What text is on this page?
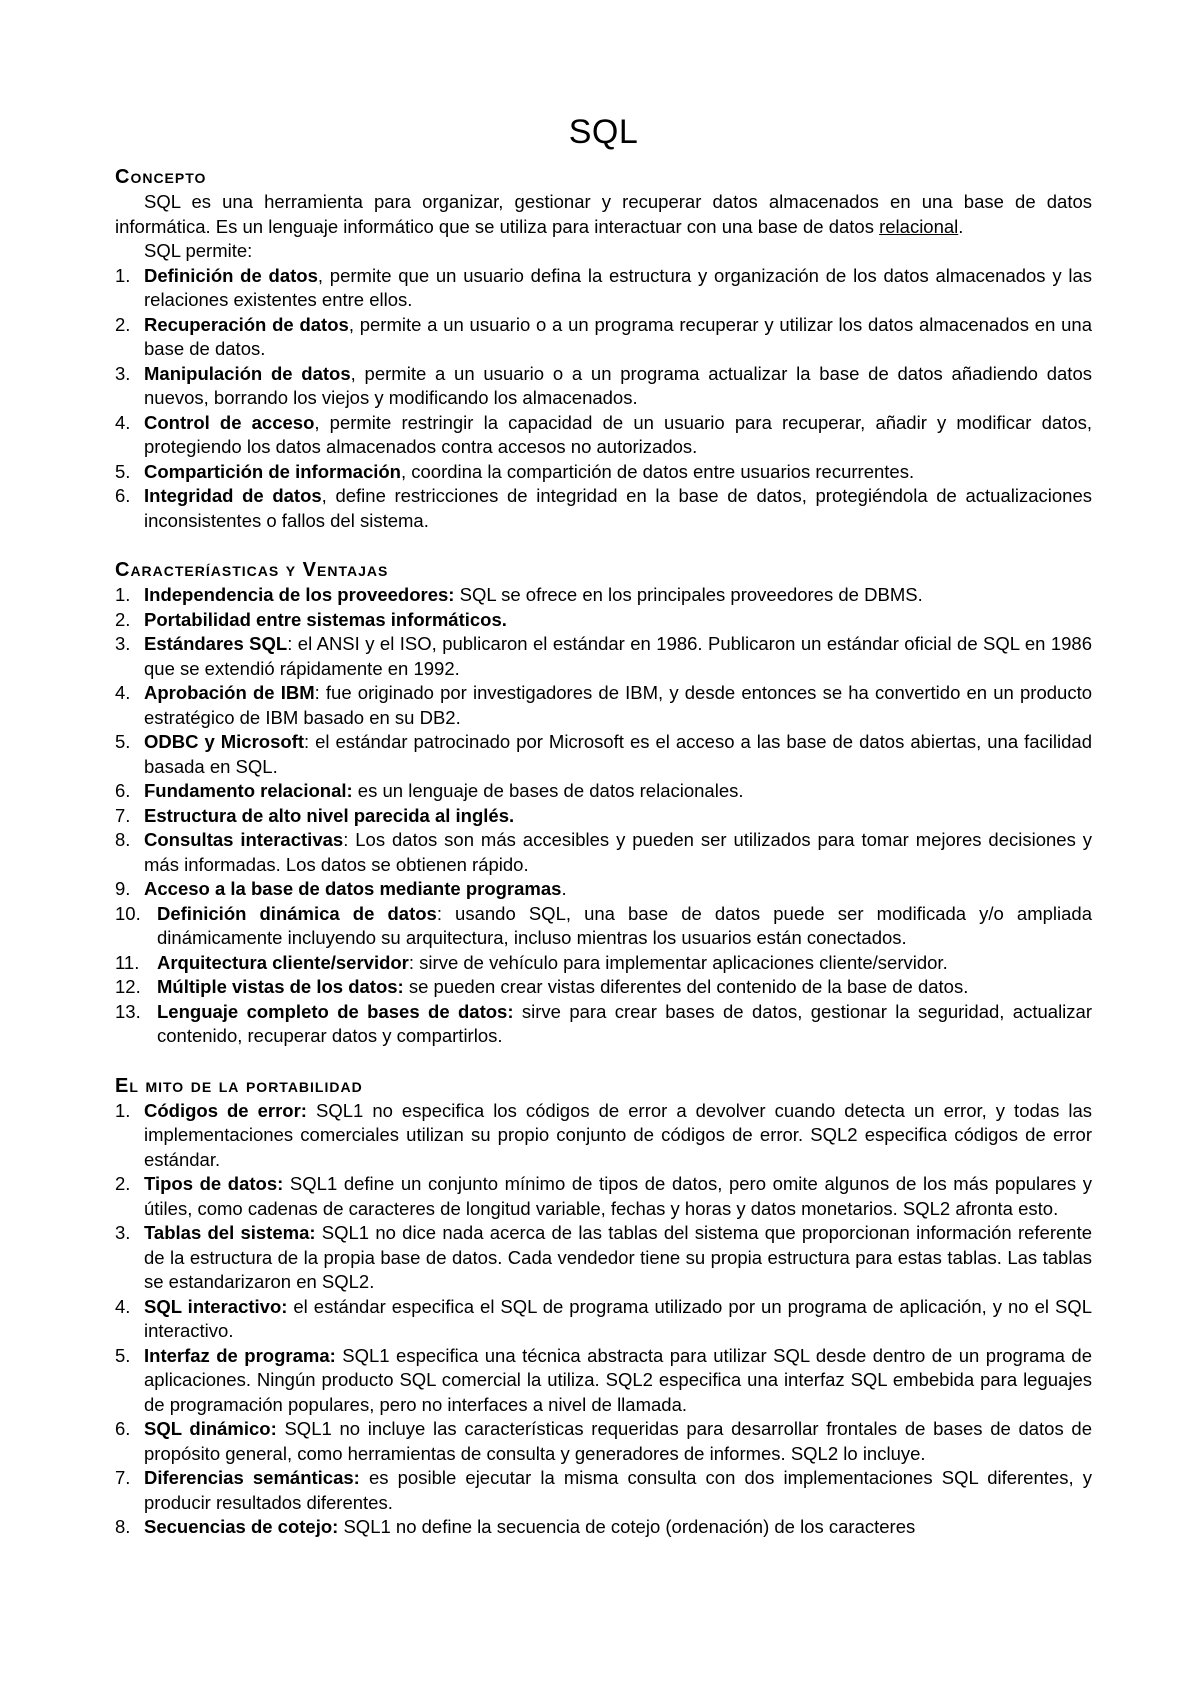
SQL
Concepto

SQL es una herramienta para organizar, gestionar y recuperar datos almacenados en una base de datos informática. Es un lenguaje informático que se utiliza para interactuar con una base de datos relacional.

SQL permite:

1. Definición de datos, permite que un usuario defina la estructura y organización de los datos almacenados y las relaciones existentes entre ellos.
2. Recuperación de datos, permite a un usuario o a un programa recuperar y utilizar los datos almacenados en una base de datos.
3. Manipulación de datos, permite a un usuario o a un programa actualizar la base de datos añadiendo datos nuevos, borrando los viejos y modificando los almacenados.
4. Control de acceso, permite restringir la capacidad de un usuario para recuperar, añadir y modificar datos, protegiendo los datos almacenados contra accesos no autorizados.
5. Compartición de información, coordina la compartición de datos entre usuarios recurrentes.
6. Integridad de datos, define restricciones de integridad en la base de datos, protegiéndola de actualizaciones inconsistentes o fallos del sistema.
Caracteríasticas y Ventajas
1. Independencia de los proveedores: SQL se ofrece en los principales proveedores de DBMS.
2. Portabilidad entre sistemas informáticos.
3. Estándares SQL: el ANSI y el ISO, publicaron el estándar en 1986. Publicaron un estándar oficial de SQL en 1986 que se extendió rápidamente en 1992.
4. Aprobación de IBM: fue originado por investigadores de IBM, y desde entonces se ha convertido en un producto estratégico de IBM basado en su DB2.
5. ODBC y Microsoft: el estándar patrocinado por Microsoft es el acceso a las base de datos abiertas, una facilidad basada en SQL.
6. Fundamento relacional: es un lenguaje de bases de datos relacionales.
7. Estructura de alto nivel parecida al inglés.
8. Consultas interactivas: Los datos son más accesibles y pueden ser utilizados para tomar mejores decisiones y más informadas. Los datos se obtienen rápido.
9. Acceso a la base de datos mediante programas.
10. Definición dinámica de datos: usando SQL, una base de datos puede ser modificada y/o ampliada dinámicamente incluyendo su arquitectura, incluso mientras los usuarios están conectados.
11. Arquitectura cliente/servidor: sirve de vehículo para implementar aplicaciones cliente/servidor.
12. Múltiple vistas de los datos: se pueden crear vistas diferentes del contenido de la base de datos.
13. Lenguaje completo de bases de datos: sirve para crear bases de datos, gestionar la seguridad, actualizar contenido, recuperar datos y compartirlos.
El mito de la portabilidad
1. Códigos de error: SQL1 no especifica los códigos de error a devolver cuando detecta un error, y todas las implementaciones comerciales utilizan su propio conjunto de códigos de error. SQL2 especifica códigos de error estándar.
2. Tipos de datos: SQL1 define un conjunto mínimo de tipos de datos, pero omite algunos de los más populares y útiles, como cadenas de caracteres de longitud variable, fechas y horas y datos monetarios. SQL2 afronta esto.
3. Tablas del sistema: SQL1 no dice nada acerca de las tablas del sistema que proporcionan información referente de la estructura de la propia base de datos. Cada vendedor tiene su propia estructura para estas tablas. Las tablas se estandarizaron en SQL2.
4. SQL interactivo: el estándar especifica el SQL de programa utilizado por un programa de aplicación, y no el SQL interactivo.
5. Interfaz de programa: SQL1 especifica una técnica abstracta para utilizar SQL desde dentro de un programa de aplicaciones. Ningún producto SQL comercial la utiliza. SQL2 especifica una interfaz SQL embebida para leguajes de programación populares, pero no interfaces a nivel de llamada.
6. SQL dinámico: SQL1 no incluye las características requeridas para desarrollar frontales de bases de datos de propósito general, como herramientas de consulta y generadores de informes. SQL2 lo incluye.
7. Diferencias semánticas: es posible ejecutar la misma consulta con dos implementaciones SQL diferentes, y producir resultados diferentes.
8. Secuencias de cotejo: SQL1 no define la secuencia de cotejo (ordenación) de los caracteres
